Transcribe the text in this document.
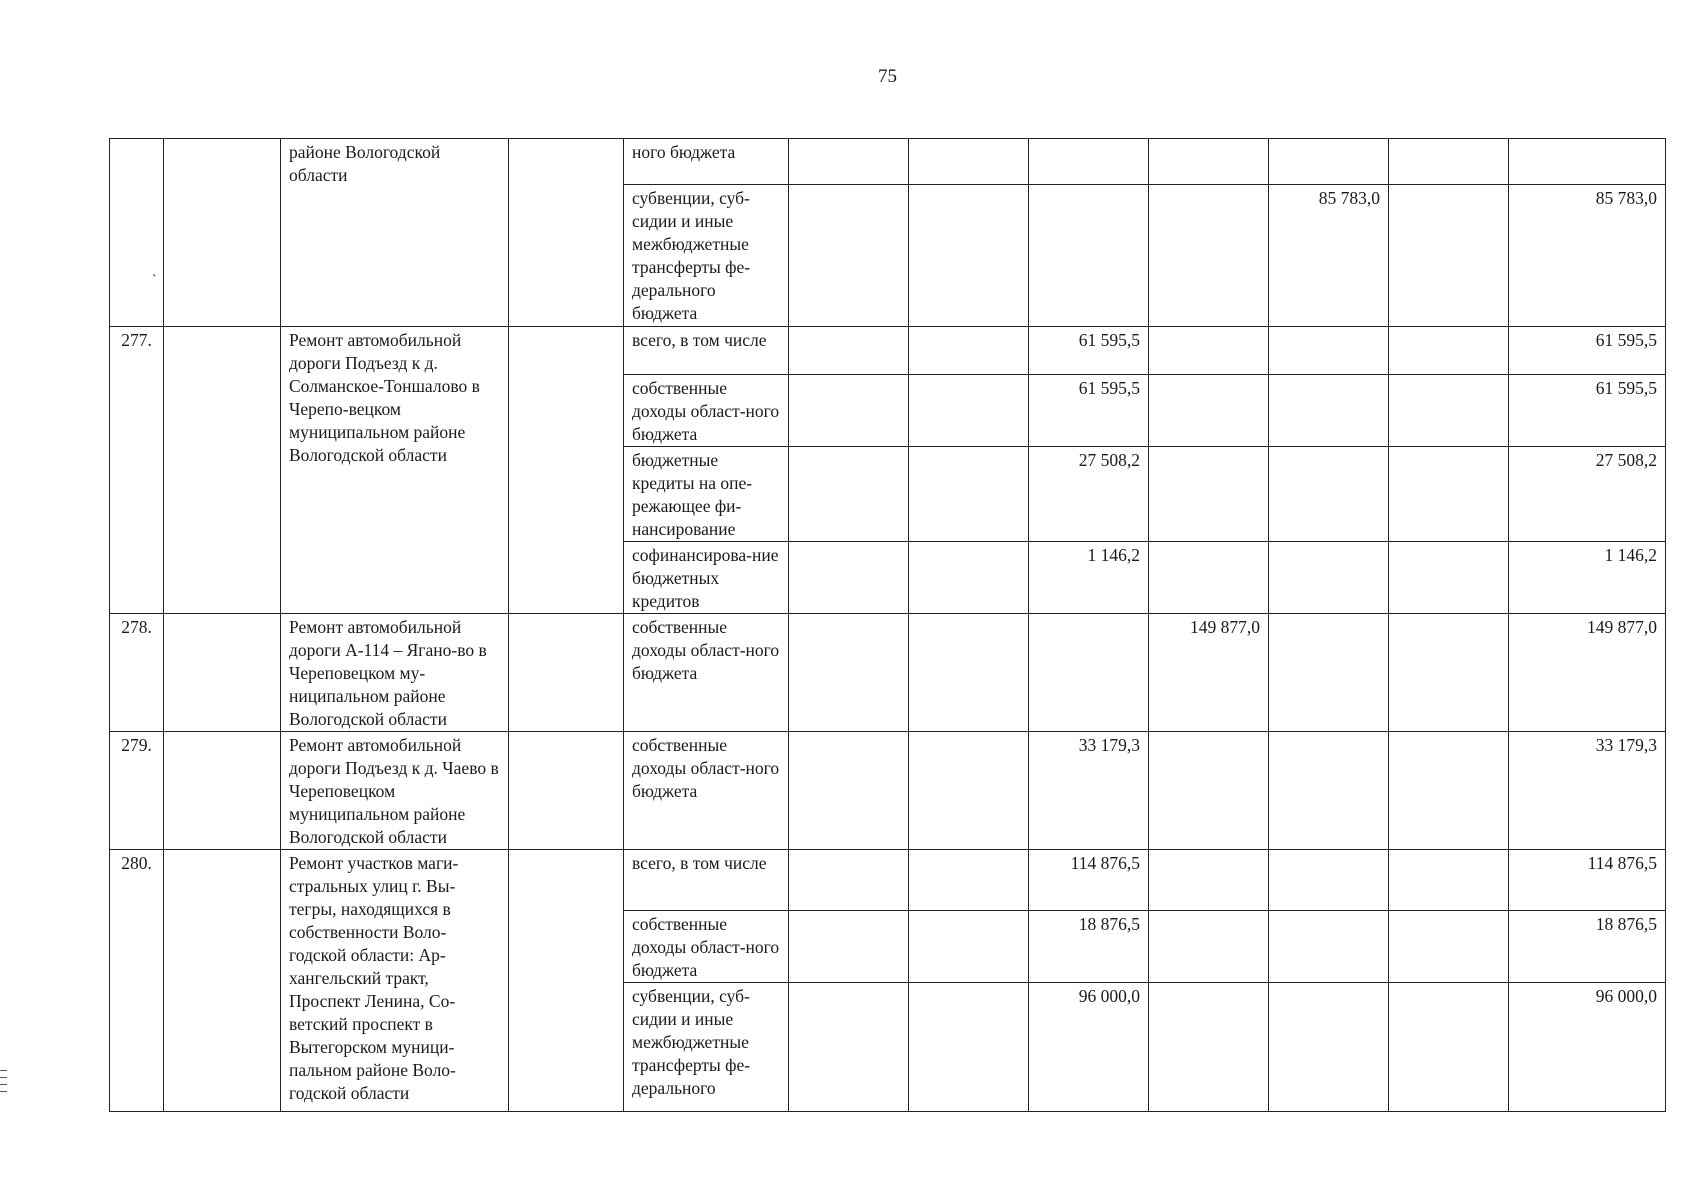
75
`
		районе Вологодской области		ного бюджета							
				субвенции, суб-сидии и иные межбюджетные трансферты фе-дерального бюджета					85 783,0		85 783,0
277.		Ремонт автомобильной дороги Подъезд к д. Солманское-Тоншалово в Черепо-вецком муниципальном районе Вологодской области		всего, в том числе			61 595,5				61 595,5
				собственные доходы област-ного бюджета			61 595,5				61 595,5
				бюджетные кредиты на опе-режающее фи-нансирование			27 508,2				27 508,2
				софинансирова-ние бюджетных кредитов			1 146,2				1 146,2
278.		Ремонт автомобильной дороги А-114 – Ягано-во в Череповецком му-ниципальном районе Вологодской области		собственные доходы област-ного бюджета				149 877,0			149 877,0
279.		Ремонт автомобильной дороги Подъезд к д. Чаево в Череповецком муниципальном районе Вологодской области		собственные доходы област-ного бюджета			33 179,3				33 179,3
280.		Ремонт участков маги-стральных улиц г. Вы-тегры, находящихся в собственности Воло-годской области: Ар-хангельский тракт, Проспект Ленина, Со-ветский проспект в Вытегорском муници-пальном районе Воло-годской области		всего, в том числе			114 876,5				114 876,5
				собственные доходы област-ного бюджета			18 876,5				18 876,5
				субвенции, суб-сидии и иные межбюджетные трансферты фе-дерального			96 000,0				96 000,0
